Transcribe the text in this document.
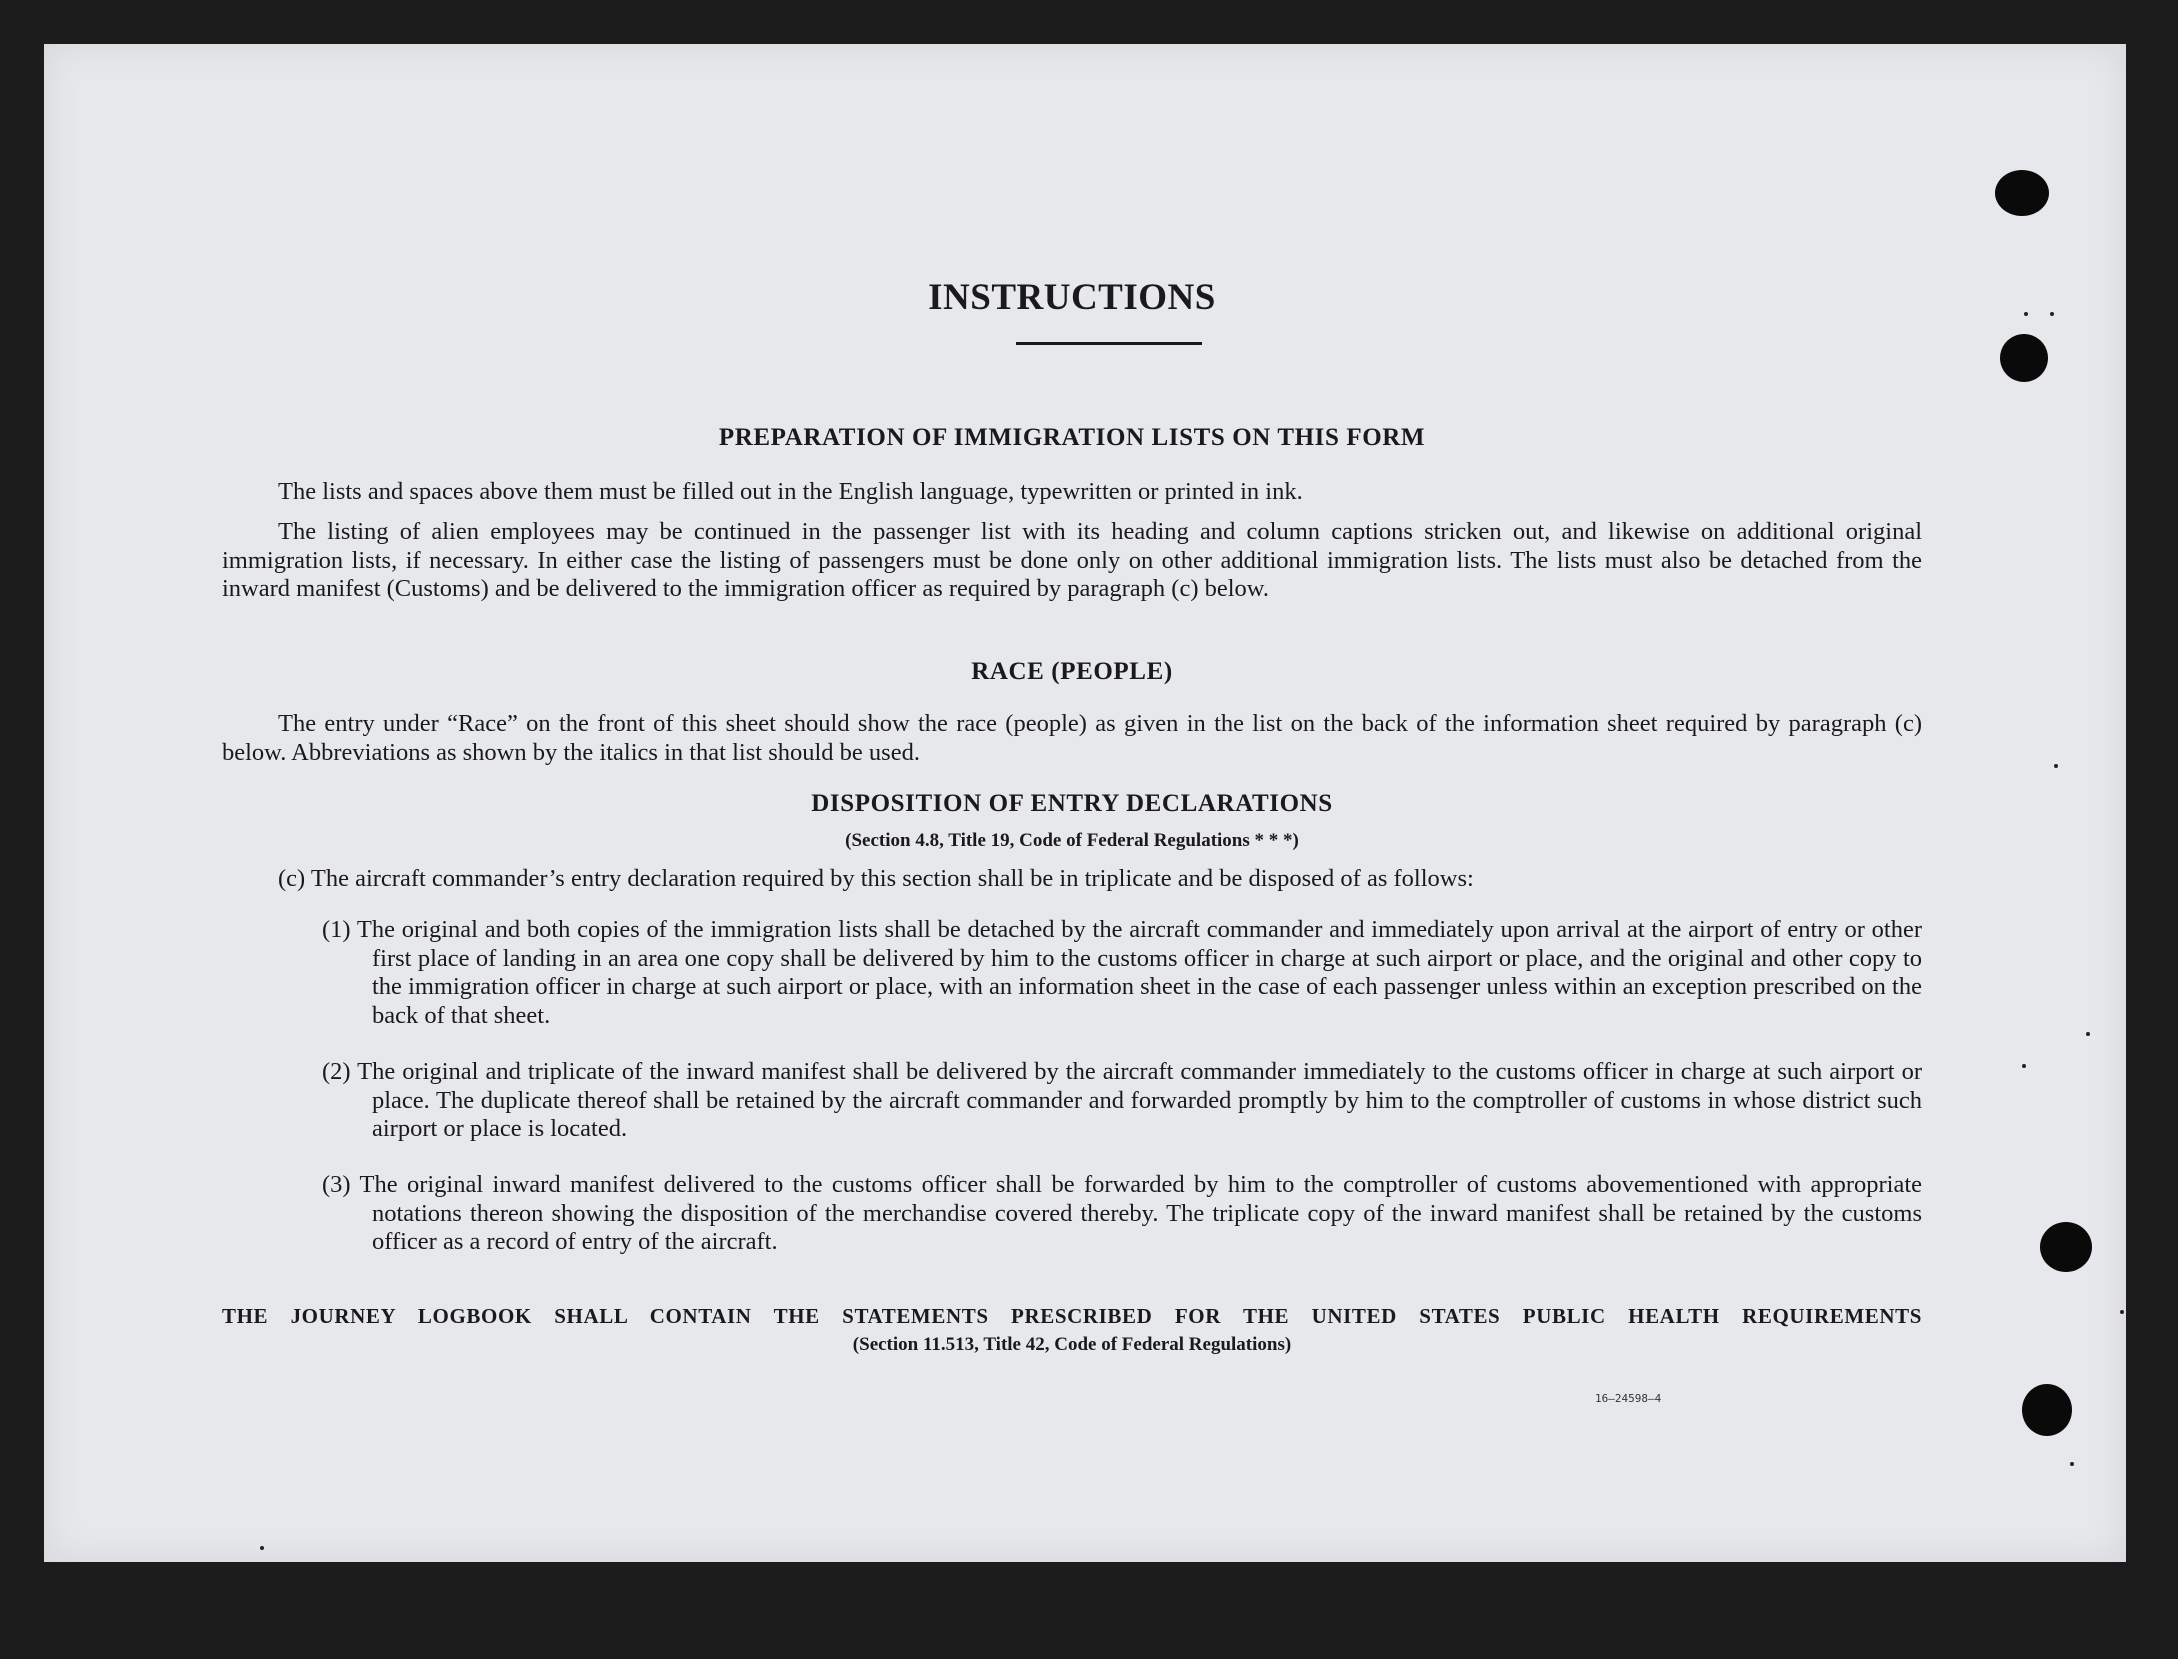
INSTRUCTIONS
PREPARATION OF IMMIGRATION LISTS ON THIS FORM
The lists and spaces above them must be filled out in the English language, typewritten or printed in ink.
The listing of alien employees may be continued in the passenger list with its heading and column captions stricken out, and likewise on additional original immigration lists, if necessary. In either case the listing of passengers must be done only on other additional immigration lists. The lists must also be detached from the inward manifest (Customs) and be delivered to the immigration officer as required by paragraph (c) below.
RACE (PEOPLE)
The entry under “Race” on the front of this sheet should show the race (people) as given in the list on the back of the information sheet required by paragraph (c) below. Abbreviations as shown by the italics in that list should be used.
DISPOSITION OF ENTRY DECLARATIONS
(Section 4.8, Title 19, Code of Federal Regulations * * *)
(c) The aircraft commander’s entry declaration required by this section shall be in triplicate and be disposed of as follows:
(1) The original and both copies of the immigration lists shall be detached by the aircraft commander and immediately upon arrival at the airport of entry or other first place of landing in an area one copy shall be delivered by him to the customs officer in charge at such airport or place, and the original and other copy to the immigration officer in charge at such airport or place, with an information sheet in the case of each passenger unless within an exception prescribed on the back of that sheet.
(2) The original and triplicate of the inward manifest shall be delivered by the aircraft commander immediately to the customs officer in charge at such airport or place. The duplicate thereof shall be retained by the aircraft commander and forwarded promptly by him to the comptroller of customs in whose district such airport or place is located.
(3) The original inward manifest delivered to the customs officer shall be forwarded by him to the comptroller of customs abovementioned with appropriate notations thereon showing the disposition of the merchandise covered thereby. The triplicate copy of the inward manifest shall be retained by the customs officer as a record of entry of the aircraft.
THE JOURNEY LOGBOOK SHALL CONTAIN THE STATEMENTS PRESCRIBED FOR THE UNITED STATES PUBLIC HEALTH REQUIREMENTS
(Section 11.513, Title 42, Code of Federal Regulations)
16—24598–4
